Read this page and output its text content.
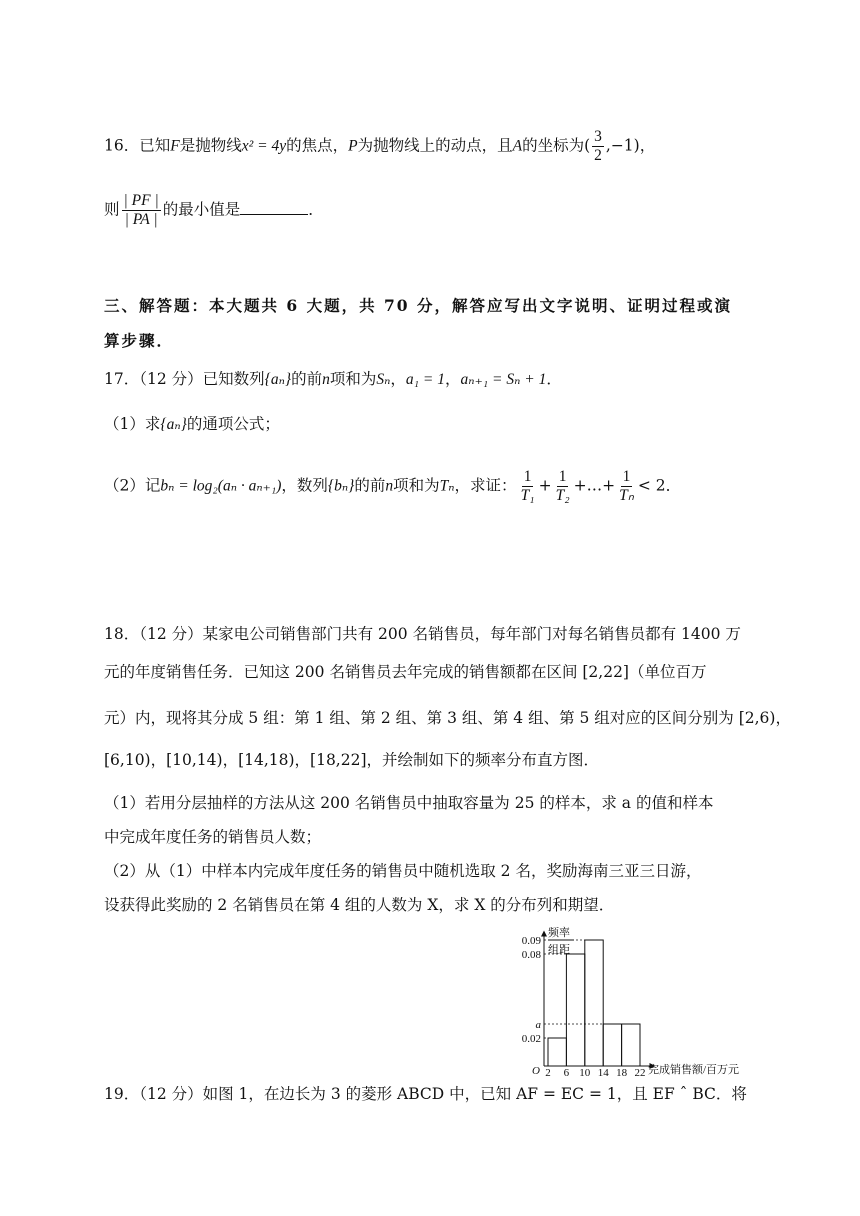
16．已知F是抛物线x² = 4y的焦点，P为抛物线上的动点，且A的坐标为( $\frac{3}{2} ,-1$)，
则 $\frac{| PF |}{| PA |}$ 的最小值是	．
三、解答题：本大题共 6 大题，共 70 分，解答应写出文字说明、证明过程或演
算步骤．
17．（12 分）已知数列{aₙ}的前n项和为Sₙ，a₁ = 1，aₙ₊₁ = Sₙ + 1．
（1）求{aₙ}的通项公式；
（2）记bₙ = log₂(aₙ · aₙ₊₁)，数列{bₙ}的前n项和为Tₙ，求证： $\frac{1}{\text{T₁}} + \frac{1}{\text{T₂}}$ +…+ $\frac{1}{\text{Tₙ}} < 2$．
18．（12 分）某家电公司销售部门共有 200 名销售员，每年部门对每名销售员都有 1400 万
元的年度销售任务．已知这 200 名销售员去年完成的销售额都在区间 [2,22]（单位百万
元）内，现将其分成 5 组：第 1 组、第 2 组、第 3 组、第 4 组、第 5 组对应的区间分别为 [2,6)，
[6,10)，[10,14)，[14,18)，[18,22]，并绘制如下的频率分布直方图．
（1）若用分层抽样的方法从这 200 名销售员中抽取容量为 25 的样本，求 a 的值和样本
中完成年度任务的销售员人数；
（2）从（1）中样本内完成年度任务的销售员中随机选取 2 名，奖励海南三亚三日游，
设获得此奖励的 2 名销售员在第 4 组的人数为 X，求 X 的分布列和期望．
频率
组距
O	完成销售额/百万元
0.09
0.08
a
0.02
2 6 10 14 18 22
19．（12 分）如图 1，在边长为 3 的菱形 ABCD 中，已知 AF = EC = 1，且 EF ˆ BC．将
